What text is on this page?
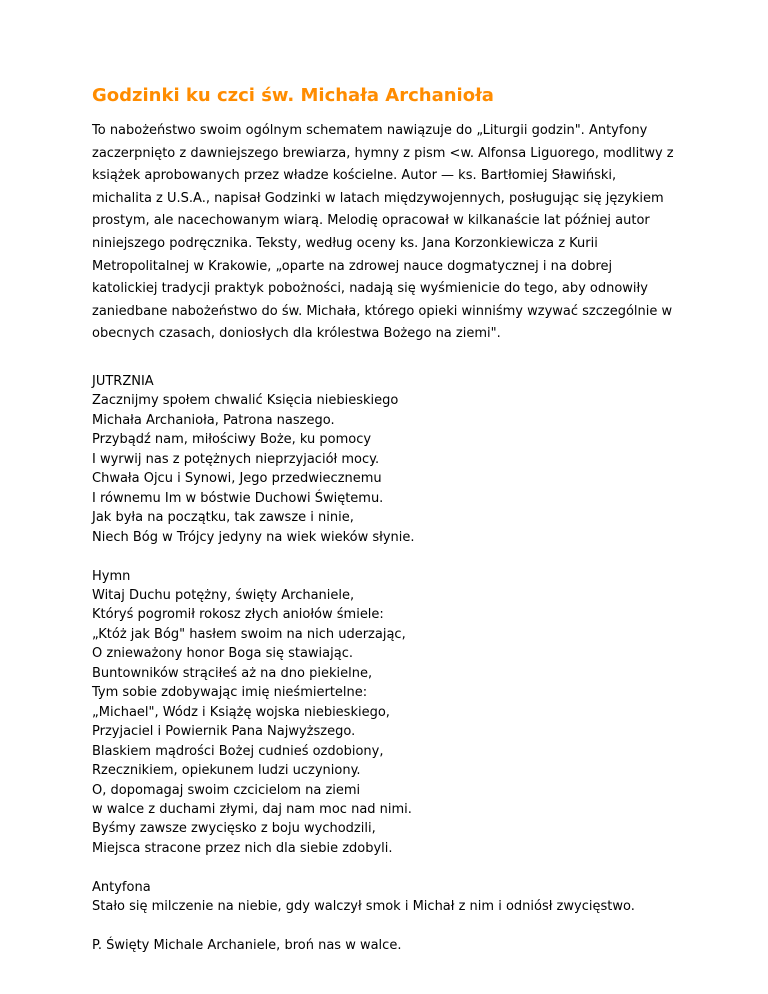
Godzinki ku czci św. Michała Archanioła

To nabożeństwo swoim ogólnym schematem nawiązuje do „Liturgii godzin". Antyfony
zaczerpnięto z dawniejszego brewiarza, hymny z pism <w. Alfonsa Liguorego, modlitwy z
książek aprobowanych przez władze kościelne. Autor — ks. Bartłomiej Sławiński,
michalita z U.S.A., napisał Godzinki w latach międzywojennych, posługując się językiem
prostym, ale nacechowanym wiarą. Melodię opracował w kilkanaście lat później autor
niniejszego podręcznika. Teksty, według oceny ks. Jana Korzonkiewicza z Kurii
Metropolitalnej w Krakowie, „oparte na zdrowej nauce dogmatycznej i na dobrej
katolickiej tradycji praktyk pobożności, nadają się wyśmienicie do tego, aby odnowiły
zaniedbane nabożeństwo do św. Michała, którego opieki winniśmy wzywać szczególnie w
obecnych czasach, doniosłych dla królestwa Bożego na ziemi".

JUTRZNIA
Zacznijmy społem chwalić Księcia niebieskiego
Michała Archanioła, Patrona naszego.
Przybądź nam, miłościwy Boże, ku pomocy
I wyrwij nas z potężnych nieprzyjaciół mocy.
Chwała Ojcu i Synowi, Jego przedwiecznemu
I równemu Im w bóstwie Duchowi Świętemu.
Jak była na początku, tak zawsze i ninie,
Niech Bóg w Trójcy jedyny na wiek wieków słynie.
Hymn
Witaj Duchu potężny, święty Archaniele,
Któryś pogromił rokosz złych aniołów śmiele:
„Któż jak Bóg" hasłem swoim na nich uderzając,
O znieważony honor Boga się stawiając.
Buntowników strąciłeś aż na dno piekielne,
Tym sobie zdobywając imię nieśmiertelne:
„Michael", Wódz i Książę wojska niebieskiego,
Przyjaciel i Powiernik Pana Najwyższego.
Blaskiem mądrości Bożej cudnieś ozdobiony,
Rzecznikiem, opiekunem ludzi uczyniony.
O, dopomagaj swoim czcicielom na ziemi
w walce z duchami złymi, daj nam moc nad nimi.
Byśmy zawsze zwycięsko z boju wychodzili,
Miejsca stracone przez nich dla siebie zdobyli.
Antyfona
Stało się milczenie na niebie, gdy walczył smok i Michał z nim i odniósł zwycięstwo.
P. Święty Michale Archaniele, broń nas w walce.
